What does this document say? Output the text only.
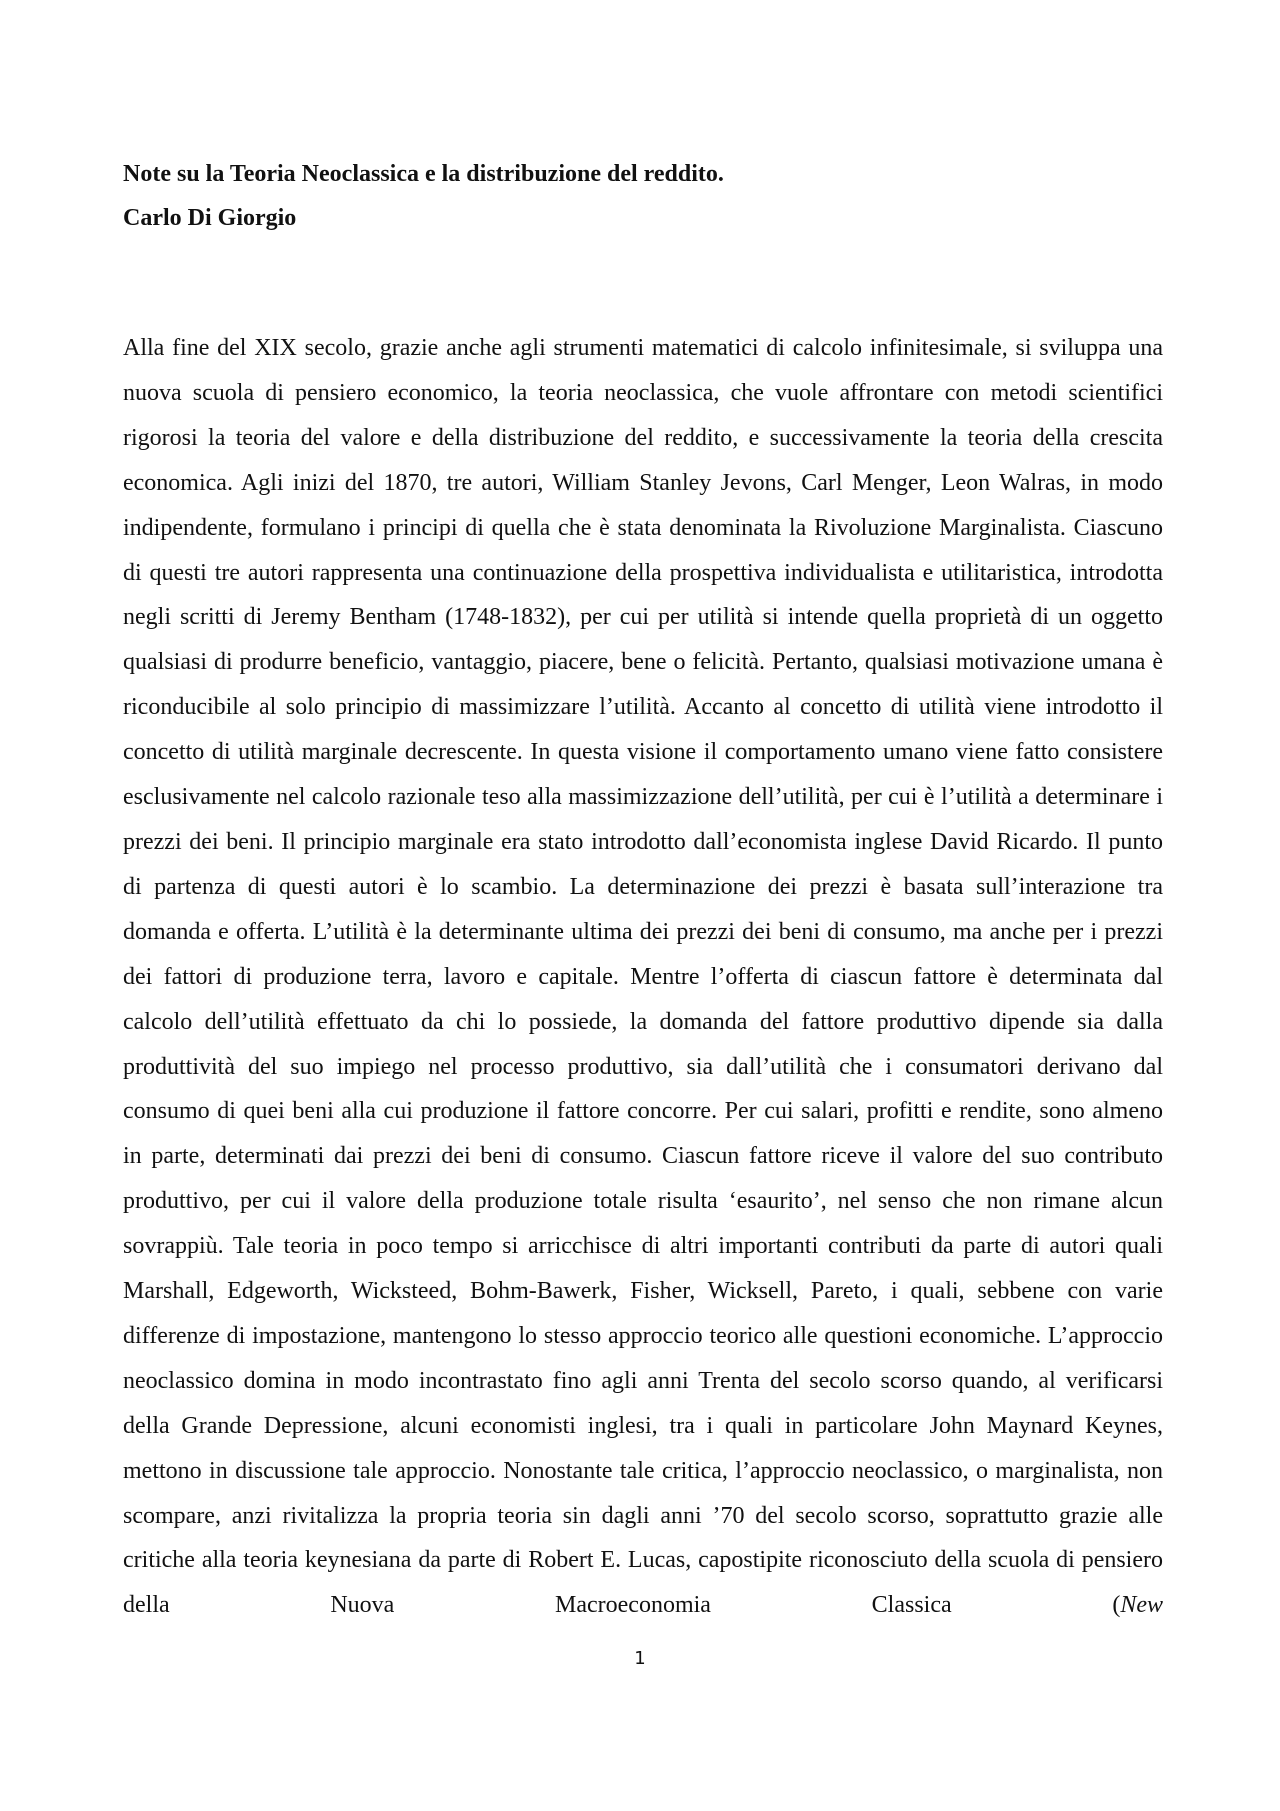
Note su la Teoria Neoclassica e la distribuzione del reddito.

Carlo Di Giorgio

Alla fine del XIX secolo, grazie anche agli strumenti matematici di calcolo infinitesimale, si sviluppa una nuova scuola di pensiero economico, la teoria neoclassica, che vuole affrontare con metodi scientifici rigorosi la teoria del valore e della distribuzione del reddito, e successivamente la teoria della crescita economica. Agli inizi del 1870, tre autori, William Stanley Jevons, Carl Menger, Leon Walras, in modo indipendente, formulano i principi di quella che è stata denominata la Rivoluzione Marginalista. Ciascuno di questi tre autori rappresenta una continuazione della prospettiva individualista e utilitaristica, introdotta negli scritti di Jeremy Bentham (1748-1832), per cui per utilità si intende quella proprietà di un oggetto qualsiasi di produrre beneficio, vantaggio, piacere, bene o felicità. Pertanto, qualsiasi motivazione umana è riconducibile al solo principio di massimizzare l’utilità. Accanto al concetto di utilità viene introdotto il concetto di utilità marginale decrescente. In questa visione il comportamento umano viene fatto consistere esclusivamente nel calcolo razionale teso alla massimizzazione dell’utilità, per cui è l’utilità a determinare i prezzi dei beni. Il principio marginale era stato introdotto dall’economista inglese David Ricardo. Il punto di partenza di questi autori è lo scambio. La determinazione dei prezzi è basata sull’interazione tra domanda e offerta. L’utilità è la determinante ultima dei prezzi dei beni di consumo, ma anche per i prezzi dei fattori di produzione terra, lavoro e capitale. Mentre l’offerta di ciascun fattore è determinata dal calcolo dell’utilità effettuato da chi lo possiede, la domanda del fattore produttivo dipende sia dalla produttività del suo impiego nel processo produttivo, sia dall’utilità che i consumatori derivano dal consumo di quei beni alla cui produzione il fattore concorre. Per cui salari, profitti e rendite, sono almeno in parte, determinati dai prezzi dei beni di consumo. Ciascun fattore riceve il valore del suo contributo produttivo, per cui il valore della produzione totale risulta ‘esaurito’, nel senso che non rimane alcun sovrappiù. Tale teoria in poco tempo si arricchisce di altri importanti contributi da parte di autori quali Marshall, Edgeworth, Wicksteed, Bohm-Bawerk, Fisher, Wicksell, Pareto, i quali, sebbene con varie differenze di impostazione, mantengono lo stesso approccio teorico alle questioni economiche. L’approccio neoclassico domina in modo incontrastato fino agli anni Trenta del secolo scorso quando, al verificarsi della Grande Depressione, alcuni economisti inglesi, tra i quali in particolare John Maynard Keynes, mettono in discussione tale approccio. Nonostante tale critica, l’approccio neoclassico, o marginalista, non scompare, anzi rivitalizza la propria teoria sin dagli anni ’70 del secolo scorso, soprattutto grazie alle critiche alla teoria keynesiana da parte di Robert E. Lucas, capostipite riconosciuto della scuola di pensiero della Nuova Macroeconomia Classica (New

1
